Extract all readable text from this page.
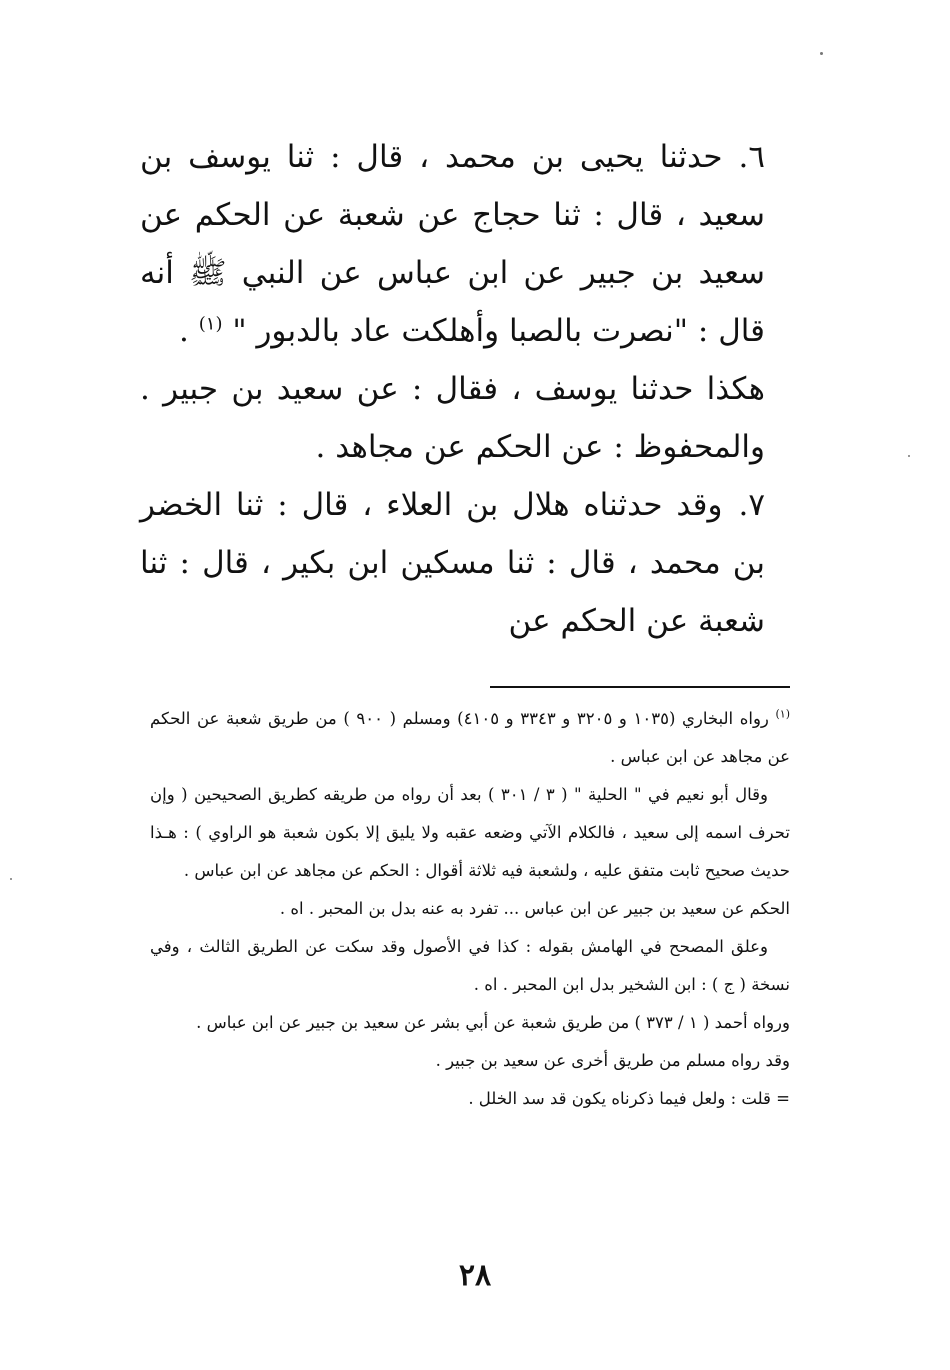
٦.حدثنا يحيى بن محمد ، قال : ثنا يوسف بن سعيد ، قال : ثنا حجاج عن شعبة عن الحكم عن سعيد بن جبير عن ابن عباس عن النبي ﷺ أنه قال : "نصرت بالصبا وأهلكت عاد بالدبور " $^{(١)}$ .

هكذا حدثنا يوسف ، فقال : عن سعيد بن جبير . والمحفوظ : عن الحكم عن مجاهد .

٧.وقد حدثناه هلال بن العلاء ، قال : ثنا الخضر بن محمد ، قال : ثنا مسكين ابن بكير ، قال : ثنا شعبة عن الحكم عن

$^{(١)}$ رواه البخاري (١٠٣٥ و ٣٢٠٥ و ٣٣٤٣ و ٤١٠٥) ومسلم ( ٩٠٠ ) من طريق شعبة عن الحكم عن مجاهد عن ابن عباس .

وقال أبو نعيم في " الحلية " ( ٣ / ٣٠١ ) بعد أن رواه من طريقه كطريق الصحيحين ( وإن تحرف اسمه إلى سعيد ، فالكلام الآتي وضعه عقبه ولا يليق إلا بكون شعبة هو الراوي ) : هـذا حديث صحيح ثابت متفق عليه ، ولشعبة فيه ثلاثة أقوال : الحكم عن مجاهد عن ابن عباس .

الحكم عن سعيد بن جبير عن ابن عباس ... تفرد به عنه بدل بن المحبر . اه .

وعلق المصحح في الهامش بقوله : كذا في الأصول وقد سكت عن الطريق الثالث ، وفي نسخة ( ج ) : ابن الشخير بدل ابن المحبر . اه .

ورواه أحمد ( ١ / ٣٧٣ ) من طريق شعبة عن أبي بشر عن سعيد بن جبير عن ابن عباس .

وقد رواه مسلم من طريق أخرى عن سعيد بن جبير .

= قلت : ولعل فيما ذكرناه يكون قد سد الخلل .

٢٨
